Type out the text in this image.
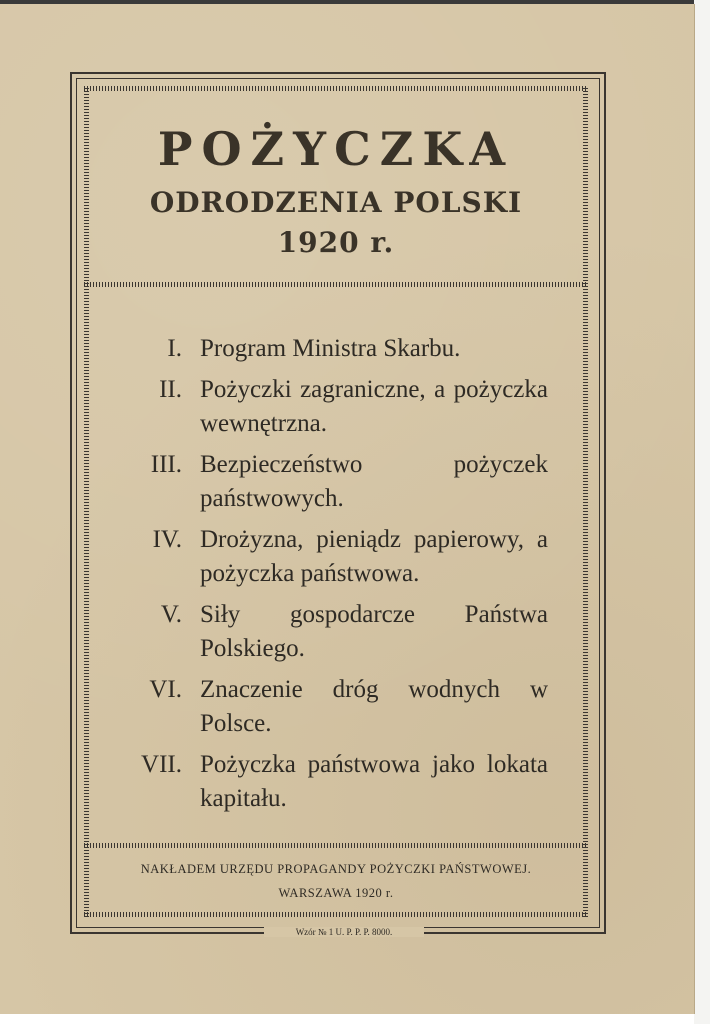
POŻYCZKA
ODRODZENIA POLSKI
1920 r.
I. Program Ministra Skarbu.
II. Pożyczki zagraniczne, a pożyczka wewnętrzna.
III. Bezpieczeństwo pożyczek państwowych.
IV. Drożyzna, pieniądz papierowy, a pożyczka państwowa.
V. Siły gospodarcze Państwa Polskiego.
VI. Znaczenie dróg wodnych w Polsce.
VII. Pożyczka państwowa jako lokata kapitału.
NAKŁADEM URZĘDU PROPAGANDY POŻYCZKI PAŃSTWOWEJ.
WARSZAWA 1920 r.
Wzór № 1 U. P. P. P. 8000.
